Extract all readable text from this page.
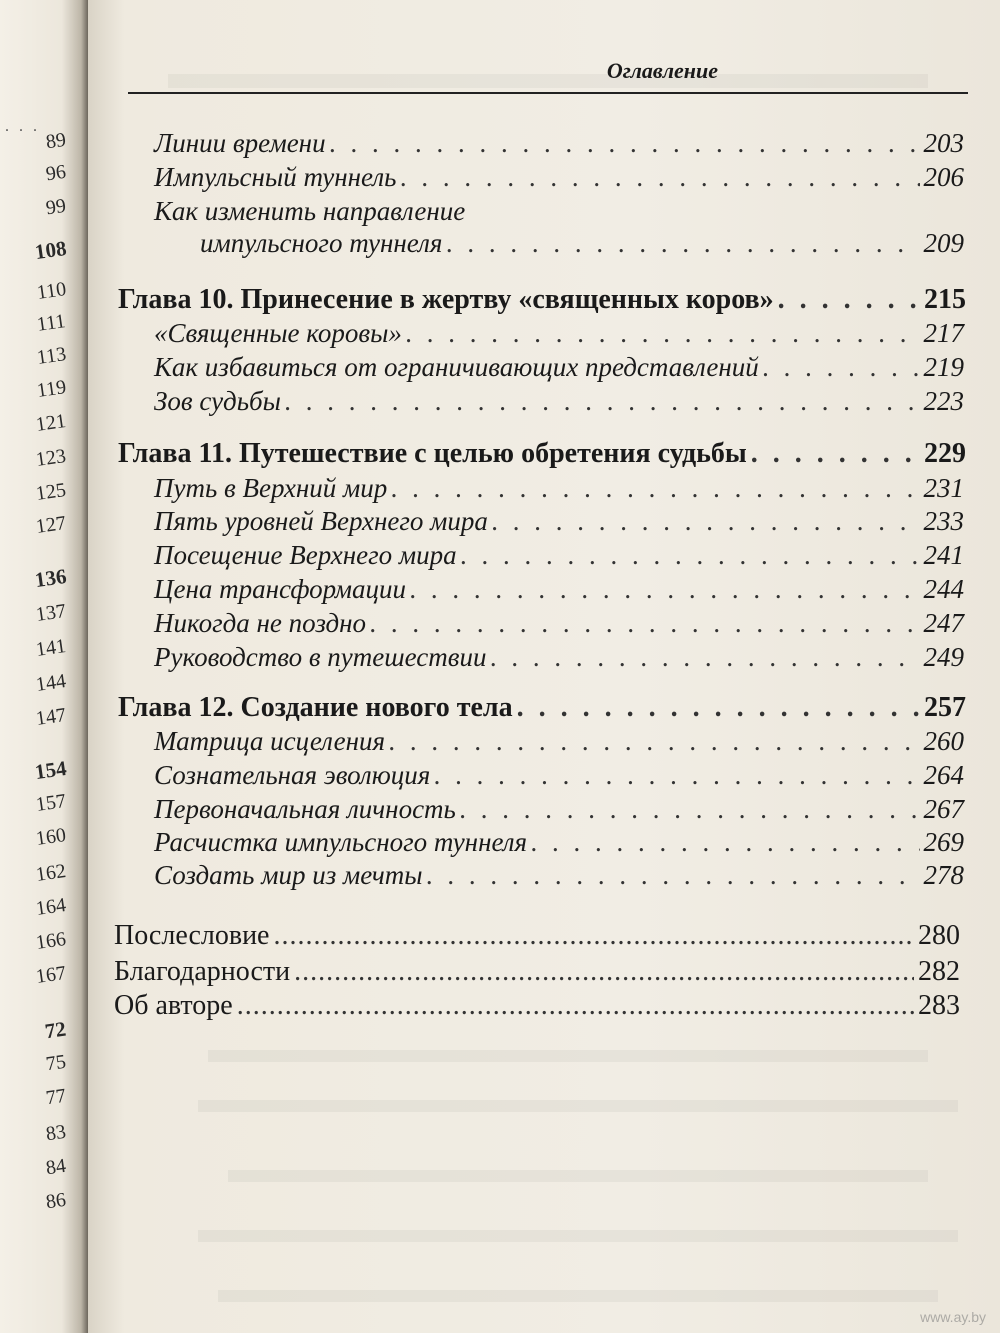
. . .
89
96
99
108
110
111
113
119
121
123
125
127
136
137
141
144
147
154
157
160
162
164
166
167
72
75
77
83
84
86
Оглавление
Линии времени . . .	203
Импульсный туннель . . .	206
Как изменить направление
импульсного туннеля . . .	209
Глава 10. Принесение в жертву «священных коров» . . .	215
«Священные коровы» . . .	217
Как избавиться от ограничивающих представлений . . .	219
Зов судьбы . . .	223
Глава 11. Путешествие с целью обретения судьбы . . .	229
Путь в Верхний мир . . .	231
Пять уровней Верхнего мира . . .	233
Посещение Верхнего мира . . .	241
Цена трансформации . . .	244
Никогда не поздно . . .	247
Руководство в путешествии . . .	249
Глава 12. Создание нового тела . . .	257
Матрица исцеления . . .	260
Сознательная эволюция . . .	264
Первоначальная личность . . .	267
Расчистка импульсного туннеля . . .	269
Создать мир из мечты . . .	278
Послесловие .....	280
Благодарности .....	282
Об авторе .....	283
www.ay.by
